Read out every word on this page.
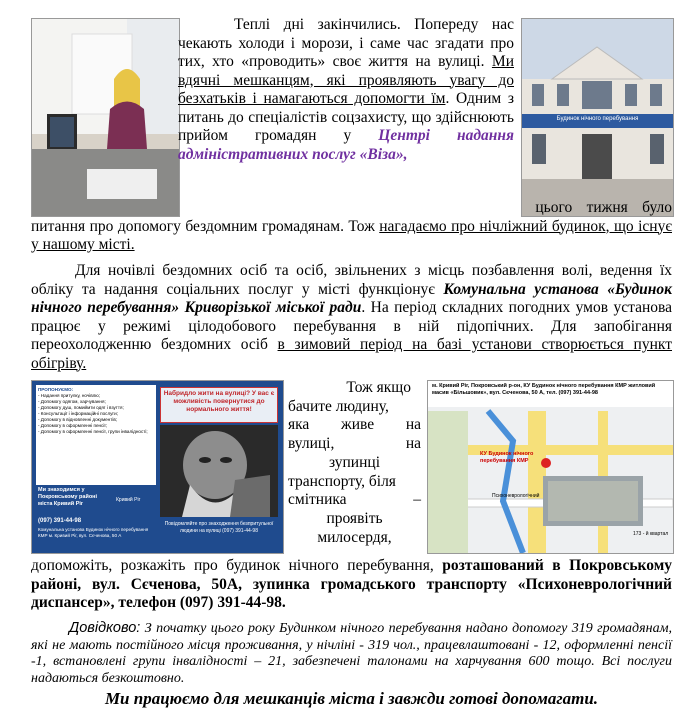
Будинок нічного перебування
Теплі дні закінчились. Попереду нас чекають холоди і морози, і саме час згадати про тих, хто «проводить» своє життя на вулиці. Ми вдячні мешканцям, які проявляють увагу до безхатьків і намагаються допомогти їм. Одним з питань до спеціалістів соцзахисту, що здійснюють прийом громадян у Центрі надання адміністративних послуг «Віза»,
цього тижня було питання про допомогу бездомним громадянам. Тож нагадаємо про нічліжний будинок, що існує у нашому місті.
Для ночівлі бездомних осіб та осіб, звільнених з місць позбавлення волі, ведення їх обліку та надання соціальних послуг у місті функціонує Комунальна установа «Будинок нічного перебування» Криворізької міської ради. На період складних погодних умов установа працює у режимі цілодобового перебування в ній підопічних. Для запобігання переохолодженню бездомних осіб в зимовий період на базі установи створюється пункт обігріву.
ПРОПОНУЄМО:
- Надання притулку, ночівлю;
- Допомогу одягом, харчування;
- Допомогу душ, помиймти одяг і взуття;
- Консультації і інформаційні послуги;
- Допомогу в відновленні документів;
- Допомогу в оформленні пенсії;
- Допомогу в оформленні пенсії, групи інвалідності;
Набридло жити на вулиці? У вас є можливість повернутися до нормального життя!
Ми знаходимся у Покровському районі міста Кривий Ріг
Кривий Ріг
(097) 391-44-98
Комунальна установа Будинок нічного перебування КМР м. Кривий Ріг, вул. Сєченова, 50 А
Повідомляйте про знаходження безпритульної людини на вулиці (097) 391-44-98
Тож якщо
бачите людину,
яка живе на
вулиці, на
зупинці
транспорту, біля
смітника –
проявіть
милосердя,
м. Кривий Ріг, Покровський р-он, КУ Будинок нічного перебування КМР житловий масив «Більшовик», вул. Сєченова, 50 А, тел. (097) 391-44-98
КУ Будинок нічного перебування КМР
Психоневрологічний
173 - й квартал
допоможіть, розкажіть про будинок нічного перебування, розташований в Покровському районі, вул. Сєченова, 50А, зупинка громадського транспорту «Психоневрологічний диспансер», телефон (097) 391-44-98.
Довідково: З початку цього року Будинком нічного перебування надано допомогу 319 громадянам, які не мають постійного місця проживання, у нічліні - 319 чол., працевлаштовані - 12, оформленні пенсії -1, встановлені групи інвалідності – 21, забезпечені талонами на харчування 600 тощо. Всі послуги надаються безкоштовно.
Ми працюємо для мешканців міста і завжди готові допомагати.
